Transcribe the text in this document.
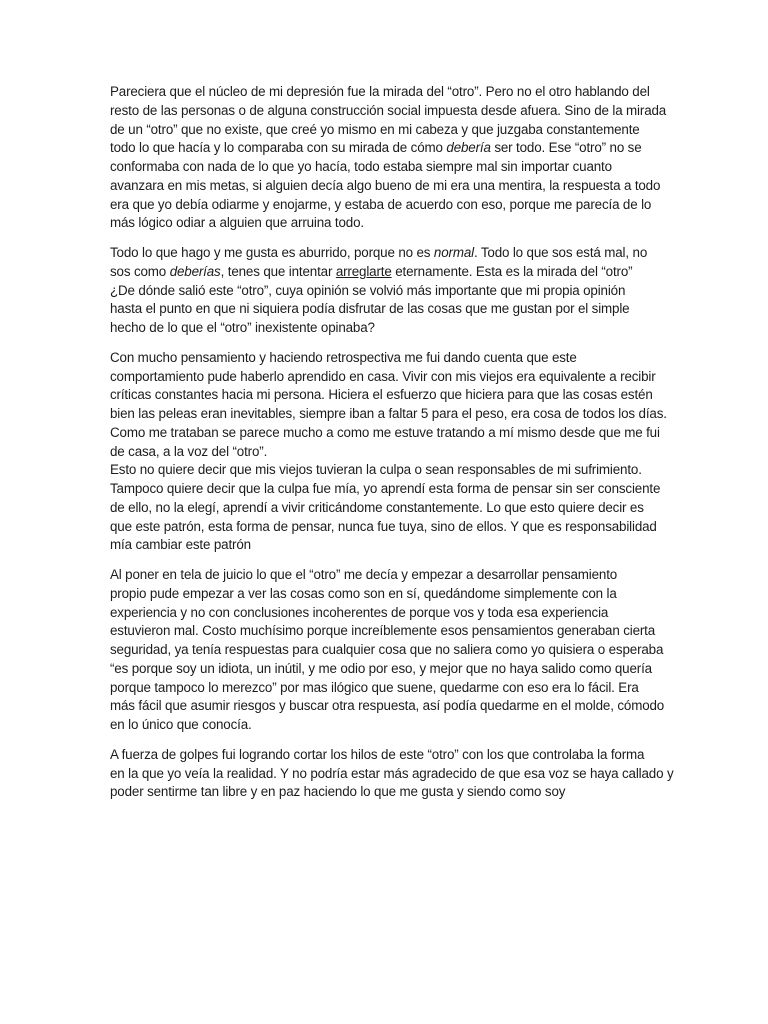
Pareciera que el núcleo de mi depresión fue la mirada del “otro”. Pero no el otro hablando del
resto de las personas o de alguna construcción social impuesta desde afuera. Sino de la mirada
de un “otro” que no existe, que creé yo mismo en mi cabeza y que juzgaba constantemente
todo lo que hacía y lo comparaba con su mirada de cómo debería ser todo. Ese “otro” no se
conformaba con nada de lo que yo hacía, todo estaba siempre mal sin importar cuanto
avanzara en mis metas, si alguien decía algo bueno de mi era una mentira, la respuesta a todo
era que yo debía odiarme y enojarme, y estaba de acuerdo con eso, porque me parecía de lo
más lógico odiar a alguien que arruina todo.

Todo lo que hago y me gusta es aburrido, porque no es normal. Todo lo que sos está mal, no
sos como deberías, tenes que intentar arreglarte eternamente. Esta es la mirada del “otro”
¿De dónde salió este “otro”, cuya opinión se volvió más importante que mi propia opinión
hasta el punto en que ni siquiera podía disfrutar de las cosas que me gustan por el simple
hecho de lo que el “otro” inexistente opinaba?

Con mucho pensamiento y haciendo retrospectiva me fui dando cuenta que este
comportamiento pude haberlo aprendido en casa. Vivir con mis viejos era equivalente a recibir
críticas constantes hacia mi persona. Hiciera el esfuerzo que hiciera para que las cosas estén
bien las peleas eran inevitables, siempre iban a faltar 5 para el peso, era cosa de todos los días.
Como me trataban se parece mucho a como me estuve tratando a mí mismo desde que me fui
de casa, a la voz del “otro”.
Esto no quiere decir que mis viejos tuvieran la culpa o sean responsables de mi sufrimiento.
Tampoco quiere decir que la culpa fue mía, yo aprendí esta forma de pensar sin ser consciente
de ello, no la elegí, aprendí a vivir criticándome constantemente. Lo que esto quiere decir es
que este patrón, esta forma de pensar, nunca fue tuya, sino de ellos. Y que es responsabilidad
mía cambiar este patrón

Al poner en tela de juicio lo que el “otro” me decía y empezar a desarrollar pensamiento
propio pude empezar a ver las cosas como son en sí, quedándome simplemente con la
experiencia y no con conclusiones incoherentes de porque vos y toda esa experiencia
estuvieron mal. Costo muchísimo porque increíblemente esos pensamientos generaban cierta
seguridad, ya tenía respuestas para cualquier cosa que no saliera como yo quisiera o esperaba
“es porque soy un idiota, un inútil, y me odio por eso, y mejor que no haya salido como quería
porque tampoco lo merezco” por mas ilógico que suene, quedarme con eso era lo fácil. Era
más fácil que asumir riesgos y buscar otra respuesta, así podía quedarme en el molde, cómodo
en lo único que conocía.

A fuerza de golpes fui logrando cortar los hilos de este “otro” con los que controlaba la forma
en la que yo veía la realidad. Y no podría estar más agradecido de que esa voz se haya callado y
poder sentirme tan libre y en paz haciendo lo que me gusta y siendo como soy
